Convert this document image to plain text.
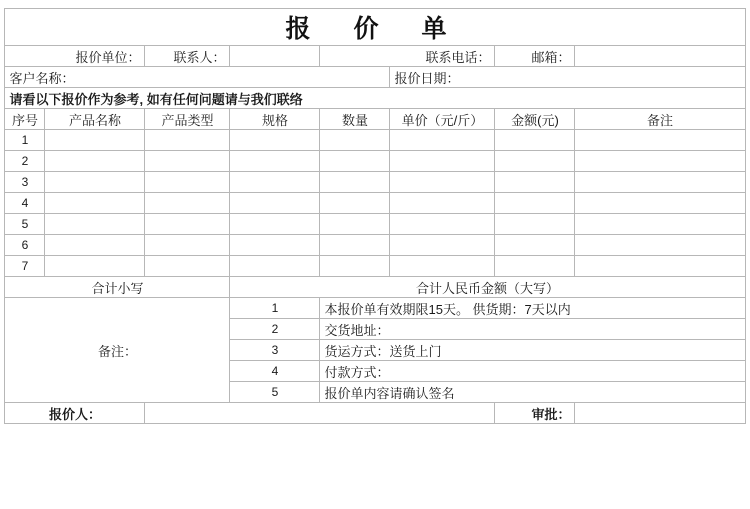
报 价 单							
报价单位：		联系人：		联系电话：		邮箱：	
客户名称：					报价日期：		
请看以下报价作为参考, 如有任何问题请与我们联络							
序号	产品名称	产品类型	规格	数量	单价（元/斤）	金额(元)	备注
1							
2							
3							
4							
5							
6							
7							
合计小写			合计人民币金额（大写）				
备注：			1	本报价单有效期限15天。 供货期：7天以内			
			2	交货地址：			
			3	货运方式：送货上门			
			4	付款方式：			
			5	报价单内容请确认签名			
报价人：						审批：	
